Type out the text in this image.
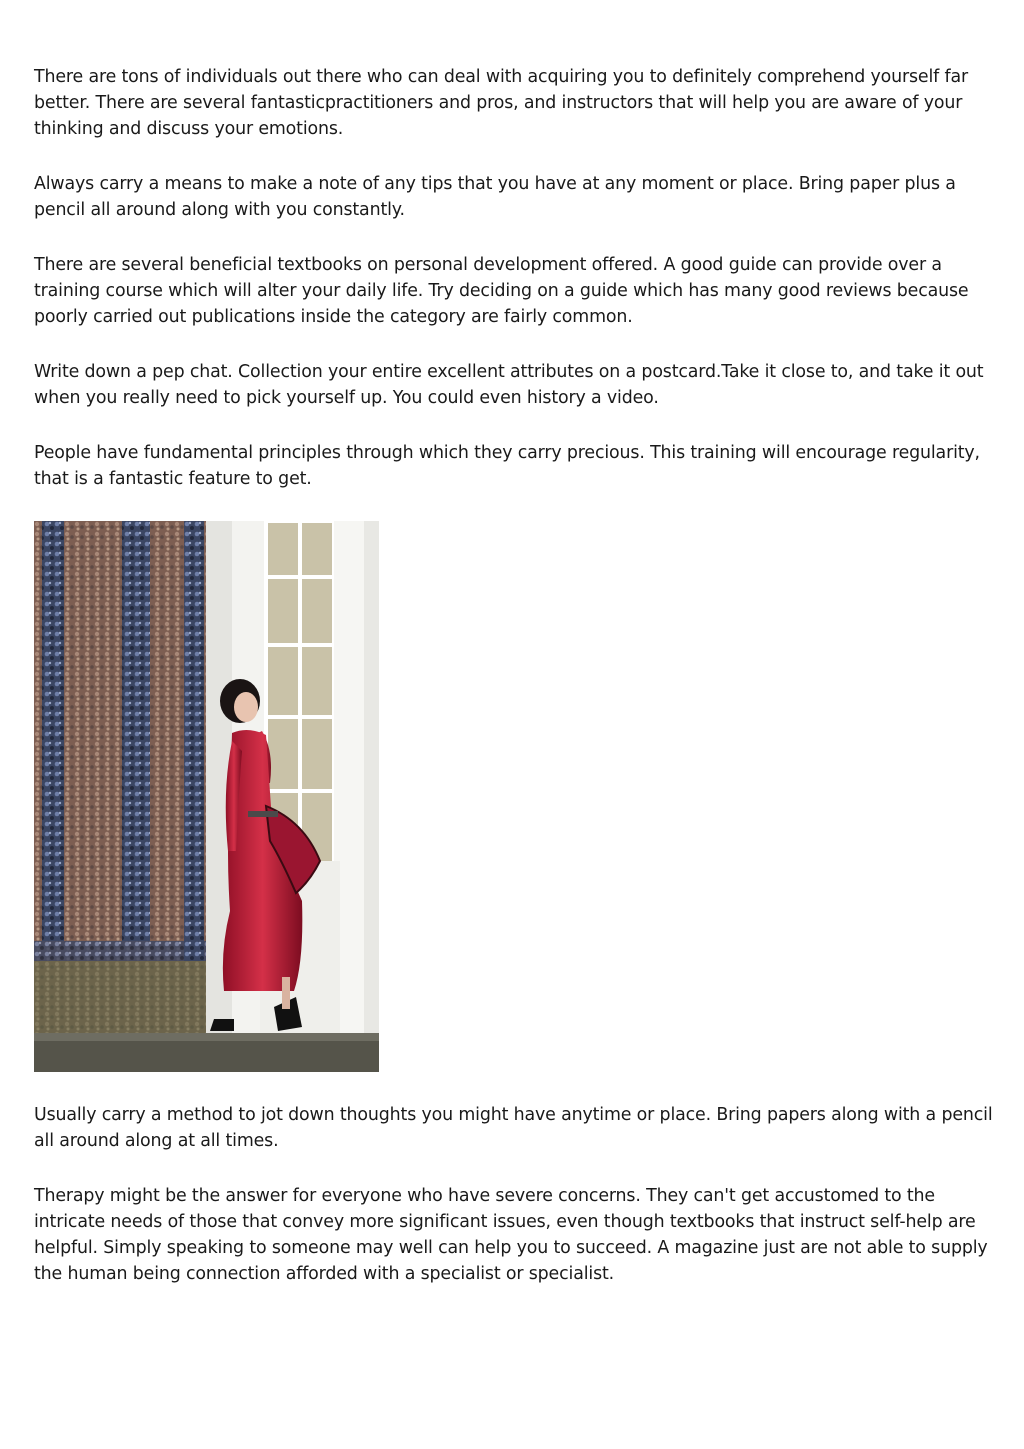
There are tons of individuals out there who can deal with acquiring you to definitely comprehend yourself far better. There are several fantasticpractitioners and pros, and instructors that will help you are aware of your thinking and discuss your emotions.

Always carry a means to make a note of any tips that you have at any moment or place. Bring paper plus a pencil all around along with you constantly.

There are several beneficial textbooks on personal development offered. A good guide can provide over a training course which will alter your daily life. Try deciding on a guide which has many good reviews because poorly carried out publications inside the category are fairly common.

Write down a pep chat. Collection your entire excellent attributes on a postcard.Take it close to, and take it out when you really need to pick yourself up. You could even history a video.

People have fundamental principles through which they carry precious. This training will encourage regularity, that is a fantastic feature to get.

Usually carry a method to jot down thoughts you might have anytime or place. Bring papers along with a pencil all around along at all times.

Therapy might be the answer for everyone who have severe concerns. They can't get accustomed to the intricate needs of those that convey more significant issues, even though textbooks that instruct self-help are helpful. Simply speaking to someone may well can help you to succeed. A magazine just are not able to supply the human being connection afforded with a specialist or specialist.
